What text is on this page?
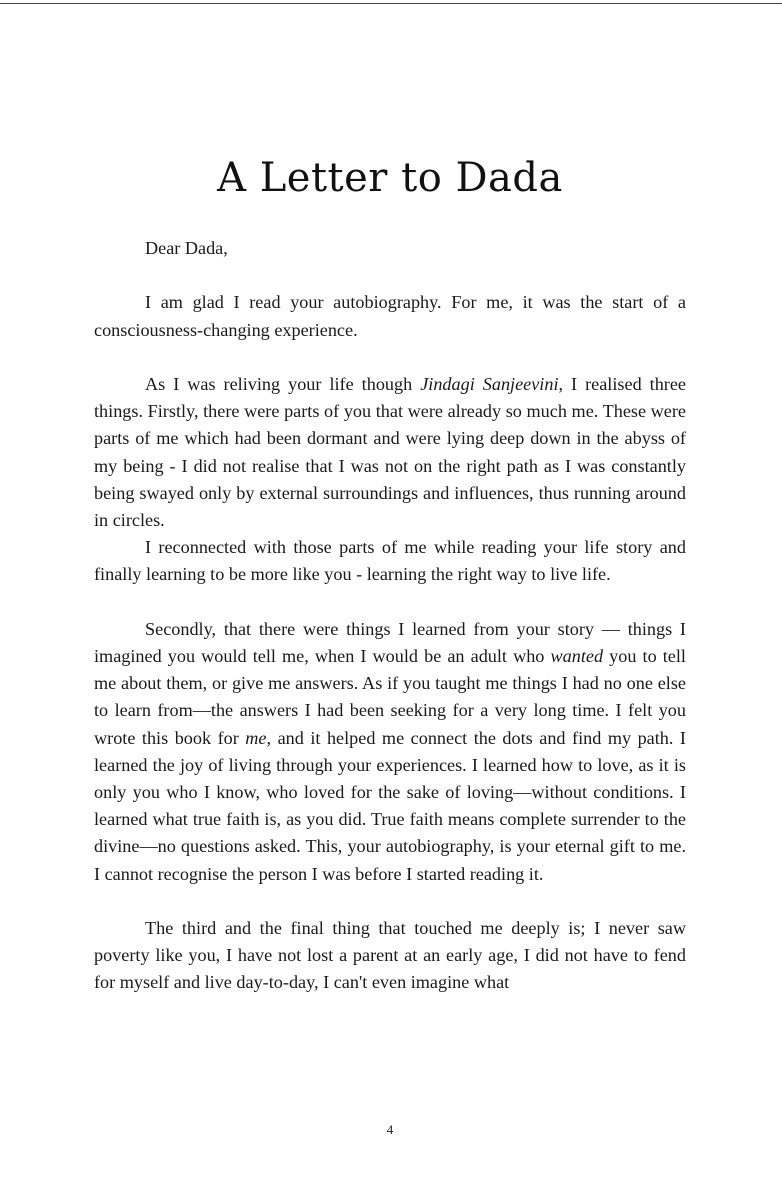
A Letter to Dada

Dear Dada,

I am glad I read your autobiography. For me, it was the start of a consciousness-changing experience.

As I was reliving your life though Jindagi Sanjeevini, I realised three things. Firstly, there were parts of you that were already so much me. These were parts of me which had been dormant and were lying deep down in the abyss of my being - I did not realise that I was not on the right path as I was constantly being swayed only by external surroundings and influences, thus running around in circles.

I reconnected with those parts of me while reading your life story and finally learning to be more like you - learning the right way to live life.

Secondly, that there were things I learned from your story — things I imagined you would tell me, when I would be an adult who wanted you to tell me about them, or give me answers. As if you taught me things I had no one else to learn from—the answers I had been seeking for a very long time. I felt you wrote this book for me, and it helped me connect the dots and find my path. I learned the joy of living through your experiences. I learned how to love, as it is only you who I know, who loved for the sake of loving—without conditions. I learned what true faith is, as you did. True faith means complete surrender to the divine—no questions asked. This, your autobiography, is your eternal gift to me. I cannot recognise the person I was before I started reading it.

The third and the final thing that touched me deeply is; I never saw poverty like you, I have not lost a parent at an early age, I did not have to fend for myself and live day-to-day, I can't even imagine what

4
